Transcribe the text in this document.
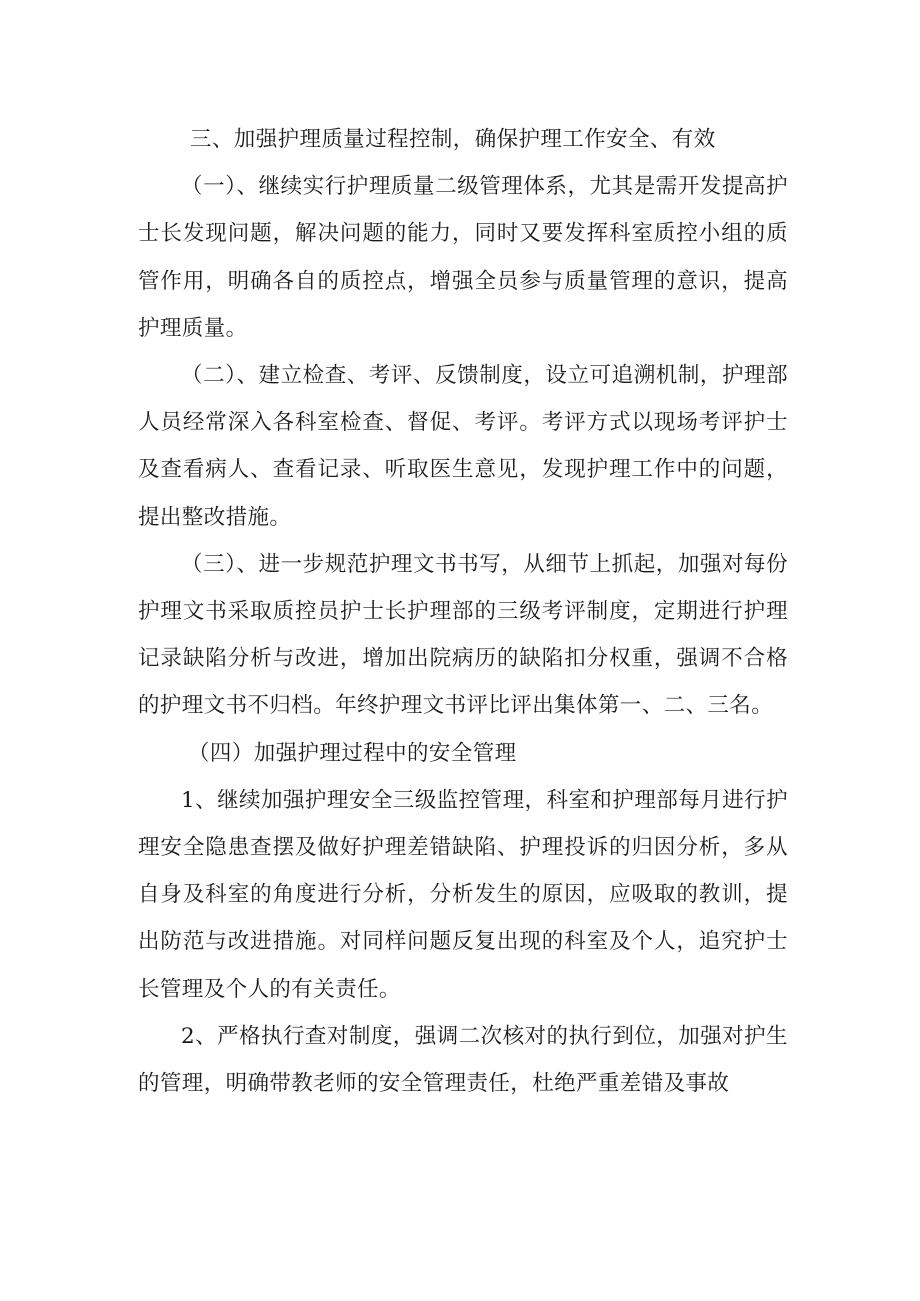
三、加强护理质量过程控制，确保护理工作安全、有效

（一）、继续实行护理质量二级管理体系，尤其是需开发提高护士长发现问题，解决问题的能力，同时又要发挥科室质控小组的质管作用，明确各自的质控点，增强全员参与质量管理的意识，提高护理质量。

（二）、建立检查、考评、反馈制度，设立可追溯机制，护理部人员经常深入各科室检查、督促、考评。考评方式以现场考评护士及查看病人、查看记录、听取医生意见，发现护理工作中的问题，提出整改措施。

（三）、进一步规范护理文书书写，从细节上抓起，加强对每份护理文书采取质控员护士长护理部的三级考评制度，定期进行护理记录缺陷分析与改进，增加出院病历的缺陷扣分权重，强调不合格的护理文书不归档。年终护理文书评比评出集体第一、二、三名。

（四）加强护理过程中的安全管理

1、继续加强护理安全三级监控管理，科室和护理部每月进行护理安全隐患查摆及做好护理差错缺陷、护理投诉的归因分析，多从自身及科室的角度进行分析，分析发生的原因，应吸取的教训，提出防范与改进措施。对同样问题反复出现的科室及个人，追究护士长管理及个人的有关责任。

2、严格执行查对制度，强调二次核对的执行到位，加强对护生的管理，明确带教老师的安全管理责任，杜绝严重差错及事故
